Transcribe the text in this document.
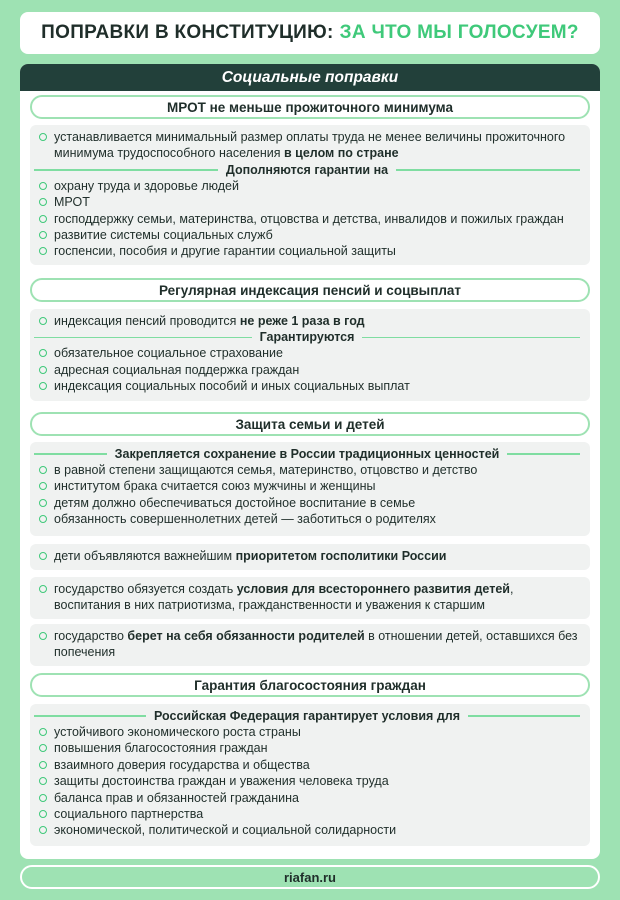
ПОПРАВКИ В КОНСТИТУЦИЮ: ЗА ЧТО МЫ ГОЛОСУЕМ?
Социальные поправки
МРОТ не меньше прожиточного минимума
устанавливается минимальный размер оплаты труда не менее величины прожиточного минимума трудоспособного населения в целом по стране
Дополняются гарантии на
охрану труда и здоровье людей
МРОТ
господдержку семьи, материнства, отцовства и детства, инвалидов и пожилых граждан
развитие системы социальных служб
госпенсии, пособия и другие гарантии социальной защиты
Регулярная индексация пенсий и соцвыплат
индексация пенсий проводится не реже 1 раза в год
Гарантируются
обязательное социальное страхование
адресная социальная поддержка граждан
индексация социальных пособий и иных социальных выплат
Защита семьи и детей
Закрепляется сохранение в России традиционных ценностей
в равной степени защищаются семья, материнство, отцовство и детство
институтом брака считается союз мужчины и женщины
детям должно обеспечиваться достойное воспитание в семье
обязанность совершеннолетних детей — заботиться о родителях
дети объявляются важнейшим приоритетом госполитики России
государство обязуется создать условия для всестороннего развития детей, воспитания в них патриотизма, гражданственности и уважения к старшим
государство берет на себя обязанности родителей в отношении детей, оставшихся без попечения
Гарантия благосостояния граждан
Российская Федерация гарантирует условия для
устойчивого экономического роста страны
повышения благосостояния граждан
взаимного доверия государства и общества
защиты достоинства граждан и уважения человека труда
баланса прав и обязанностей гражданина
социального партнерства
экономической, политической и социальной солидарности
riafan.ru
